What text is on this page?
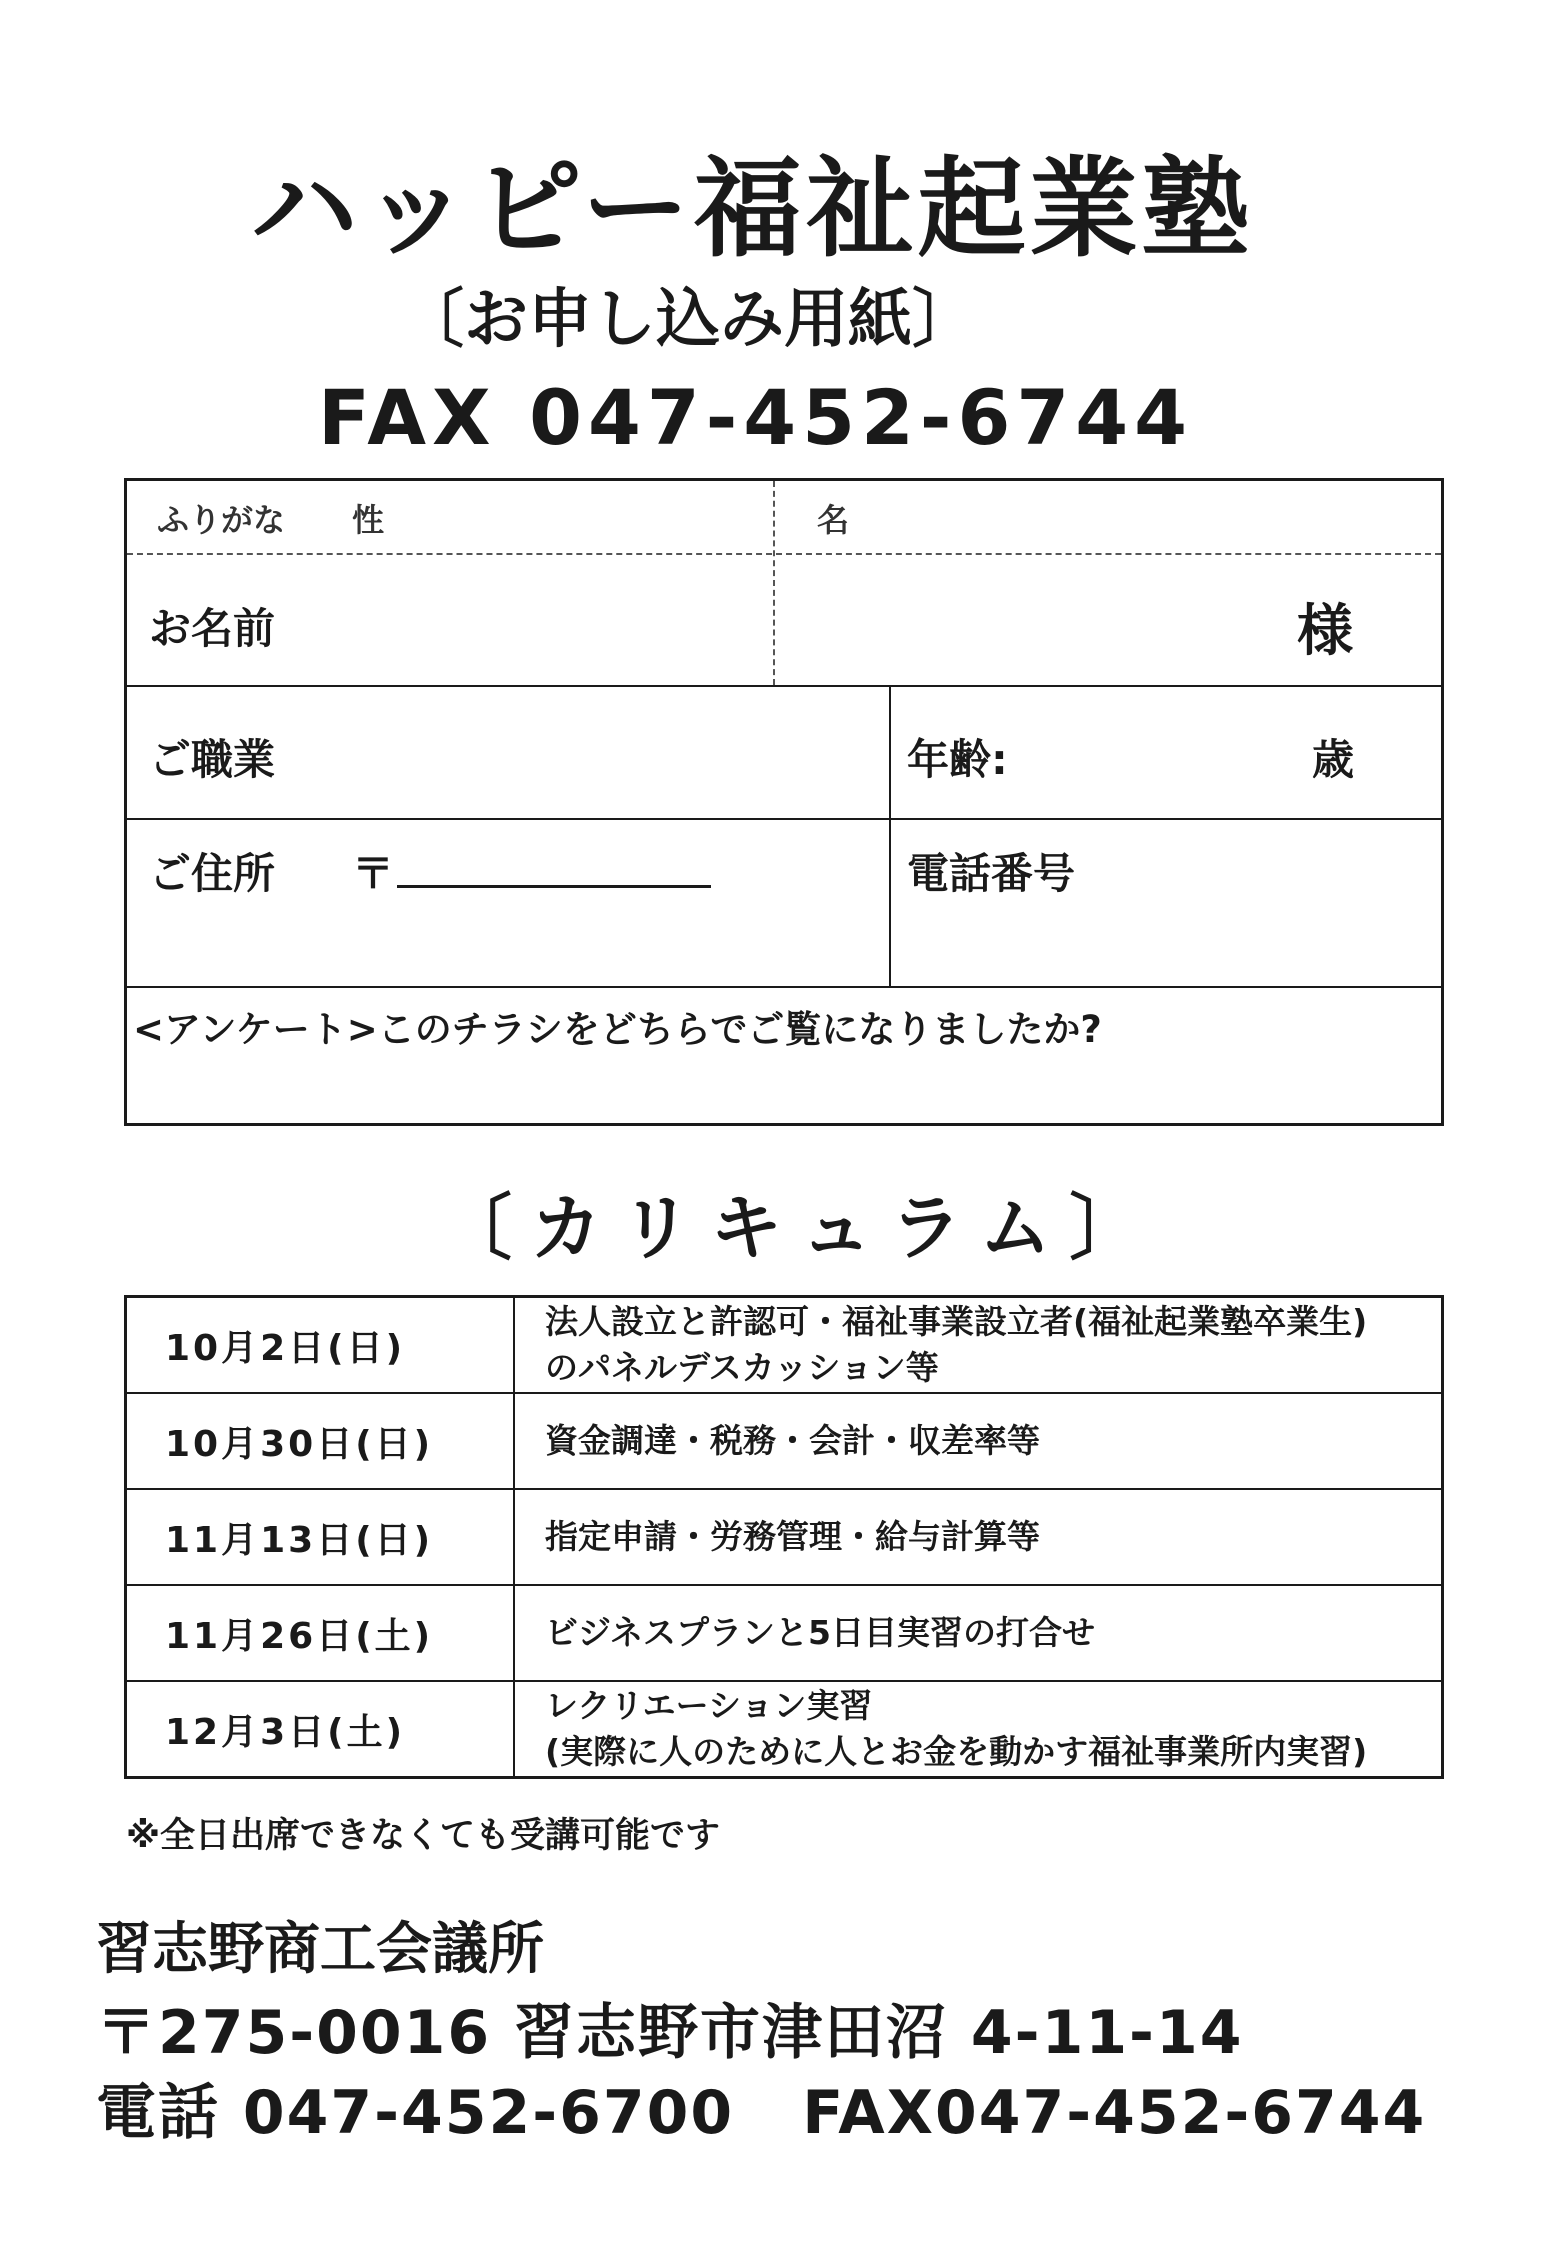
ハッピー福祉起業塾
〔お申し込み用紙〕
FAX 047-452-6744
ふりがな 性	名
お名前	様
ご職業	年齢:	歳
ご住所 〒	電話番号
<アンケート>このチラシをどちらでご覧になりましたか?
〔カリキュラム〕
10月2日(日)	法人設立と許認可・福祉事業設立者(福祉起業塾卒業生)
のパネルデスカッション等

10月30日(日)	資金調達・税務・会計・収差率等

11月13日(日)	指定申請・労務管理・給与計算等

11月26日(土)	ビジネスプランと5日目実習の打合せ

12月3日(土)	レクリエーション実習
(実際に人のために人とお金を動かす福祉事業所内実習)
※全日出席できなくても受講可能です
習志野商工会議所
〒275-0016 習志野市津田沼 4-11-14
電話 047-452-6700 FAX047-452-6744
